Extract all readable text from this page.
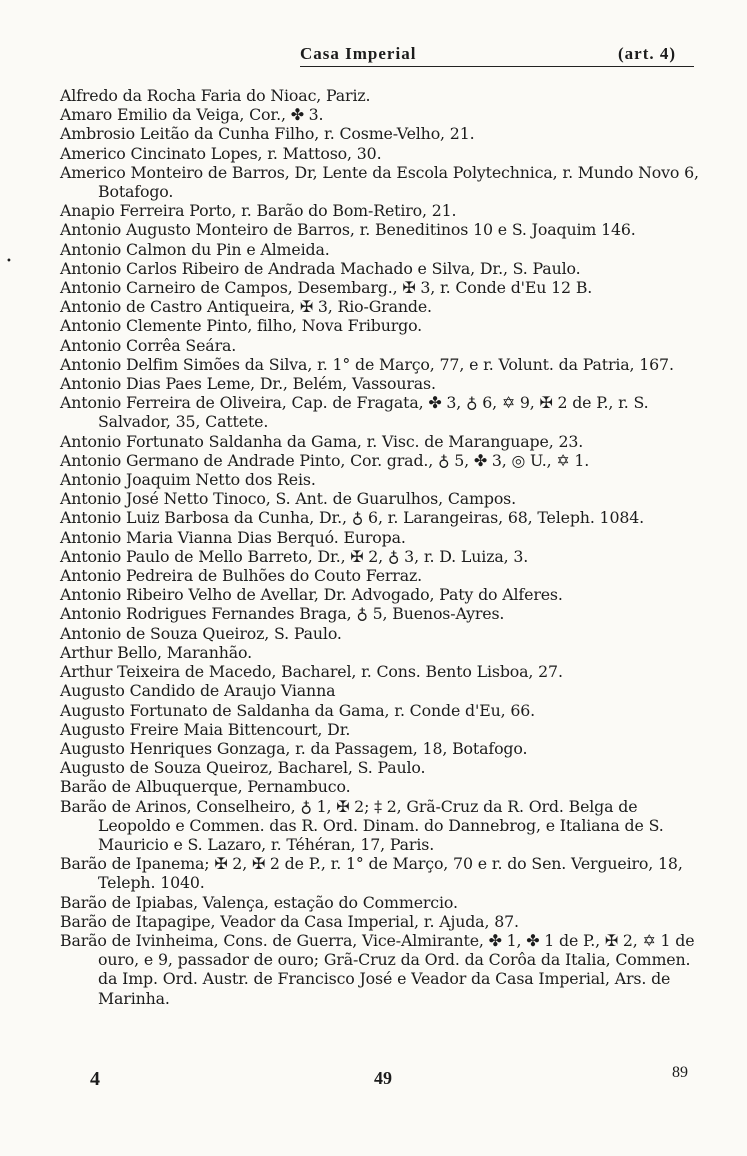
Casa Imperial	(art. 4)
•
Alfredo da Rocha Faria do Nioac, Pariz.
Amaro Emilio da Veiga, Cor., ✤ 3.
Ambrosio Leitão da Cunha Filho, r. Cosme-Velho, 21.
Americo Cincinato Lopes, r. Mattoso, 30.
Americo Monteiro de Barros, Dr, Lente da Escola Polytechnica, r. Mundo Novo 6, Botafogo.
Anapio Ferreira Porto, r. Barão do Bom-Retiro, 21.
Antonio Augusto Monteiro de Barros, r. Beneditinos 10 e S. Joaquim 146.
Antonio Calmon du Pin e Almeida.
Antonio Carlos Ribeiro de Andrada Machado e Silva, Dr., S. Paulo.
Antonio Carneiro de Campos, Desembarg., ✠ 3, r. Conde d'Eu 12 B.
Antonio de Castro Antiqueira, ✠ 3, Rio-Grande.
Antonio Clemente Pinto, filho, Nova Friburgo.
Antonio Corrêa Seára.
Antonio Delfim Simões da Silva, r. 1° de Março, 77, e r. Volunt. da Patria, 167.
Antonio Dias Paes Leme, Dr., Belém, Vassouras.
Antonio Ferreira de Oliveira, Cap. de Fragata, ✤ 3, ♁ 6, ✡ 9, ✠ 2 de P., r. S. Salvador, 35, Cattete.
Antonio Fortunato Saldanha da Gama, r. Visc. de Maranguape, 23.
Antonio Germano de Andrade Pinto, Cor. grad., ♁ 5, ✤ 3, ◎ U., ✡ 1.
Antonio Joaquim Netto dos Reis.
Antonio José Netto Tinoco, S. Ant. de Guarulhos, Campos.
Antonio Luiz Barbosa da Cunha, Dr., ♁ 6, r. Larangeiras, 68, Teleph. 1084.
Antonio Maria Vianna Dias Berquó. Europa.
Antonio Paulo de Mello Barreto, Dr., ✠ 2, ♁ 3, r. D. Luiza, 3.
Antonio Pedreira de Bulhões do Couto Ferraz.
Antonio Ribeiro Velho de Avellar, Dr. Advogado, Paty do Alferes.
Antonio Rodrigues Fernandes Braga, ♁ 5, Buenos-Ayres.
Antonio de Souza Queiroz, S. Paulo.
Arthur Bello, Maranhão.
Arthur Teixeira de Macedo, Bacharel, r. Cons. Bento Lisboa, 27.
Augusto Candido de Araujo Vianna
Augusto Fortunato de Saldanha da Gama, r. Conde d'Eu, 66.
Augusto Freire Maia Bittencourt, Dr.
Augusto Henriques Gonzaga, r. da Passagem, 18, Botafogo.
Augusto de Souza Queiroz, Bacharel, S. Paulo.
Barão de Albuquerque, Pernambuco.
Barão de Arinos, Conselheiro, ♁ 1, ✠ 2; ‡ 2, Grã-Cruz da R. Ord. Belga de Leopoldo e Commen. das R. Ord. Dinam. do Dannebrog, e Italiana de S. Mauricio e S. Lazaro, r. Téhéran, 17, Paris.
Barão de Ipanema; ✠ 2, ✠ 2 de P., r. 1° de Março, 70 e r. do Sen. Vergueiro, 18, Teleph. 1040.
Barão de Ipiabas, Valença, estação do Commercio.
Barão de Itapagipe, Veador da Casa Imperial, r. Ajuda, 87.
Barão de Ivinheima, Cons. de Guerra, Vice-Almirante, ✤ 1, ✤ 1 de P., ✠ 2, ✡ 1 de ouro, e 9, passador de ouro; Grã-Cruz da Ord. da Corôa da Italia, Commen. da Imp. Ord. Austr. de Francisco José e Veador da Casa Imperial, Ars. de Marinha.
4	49	89
